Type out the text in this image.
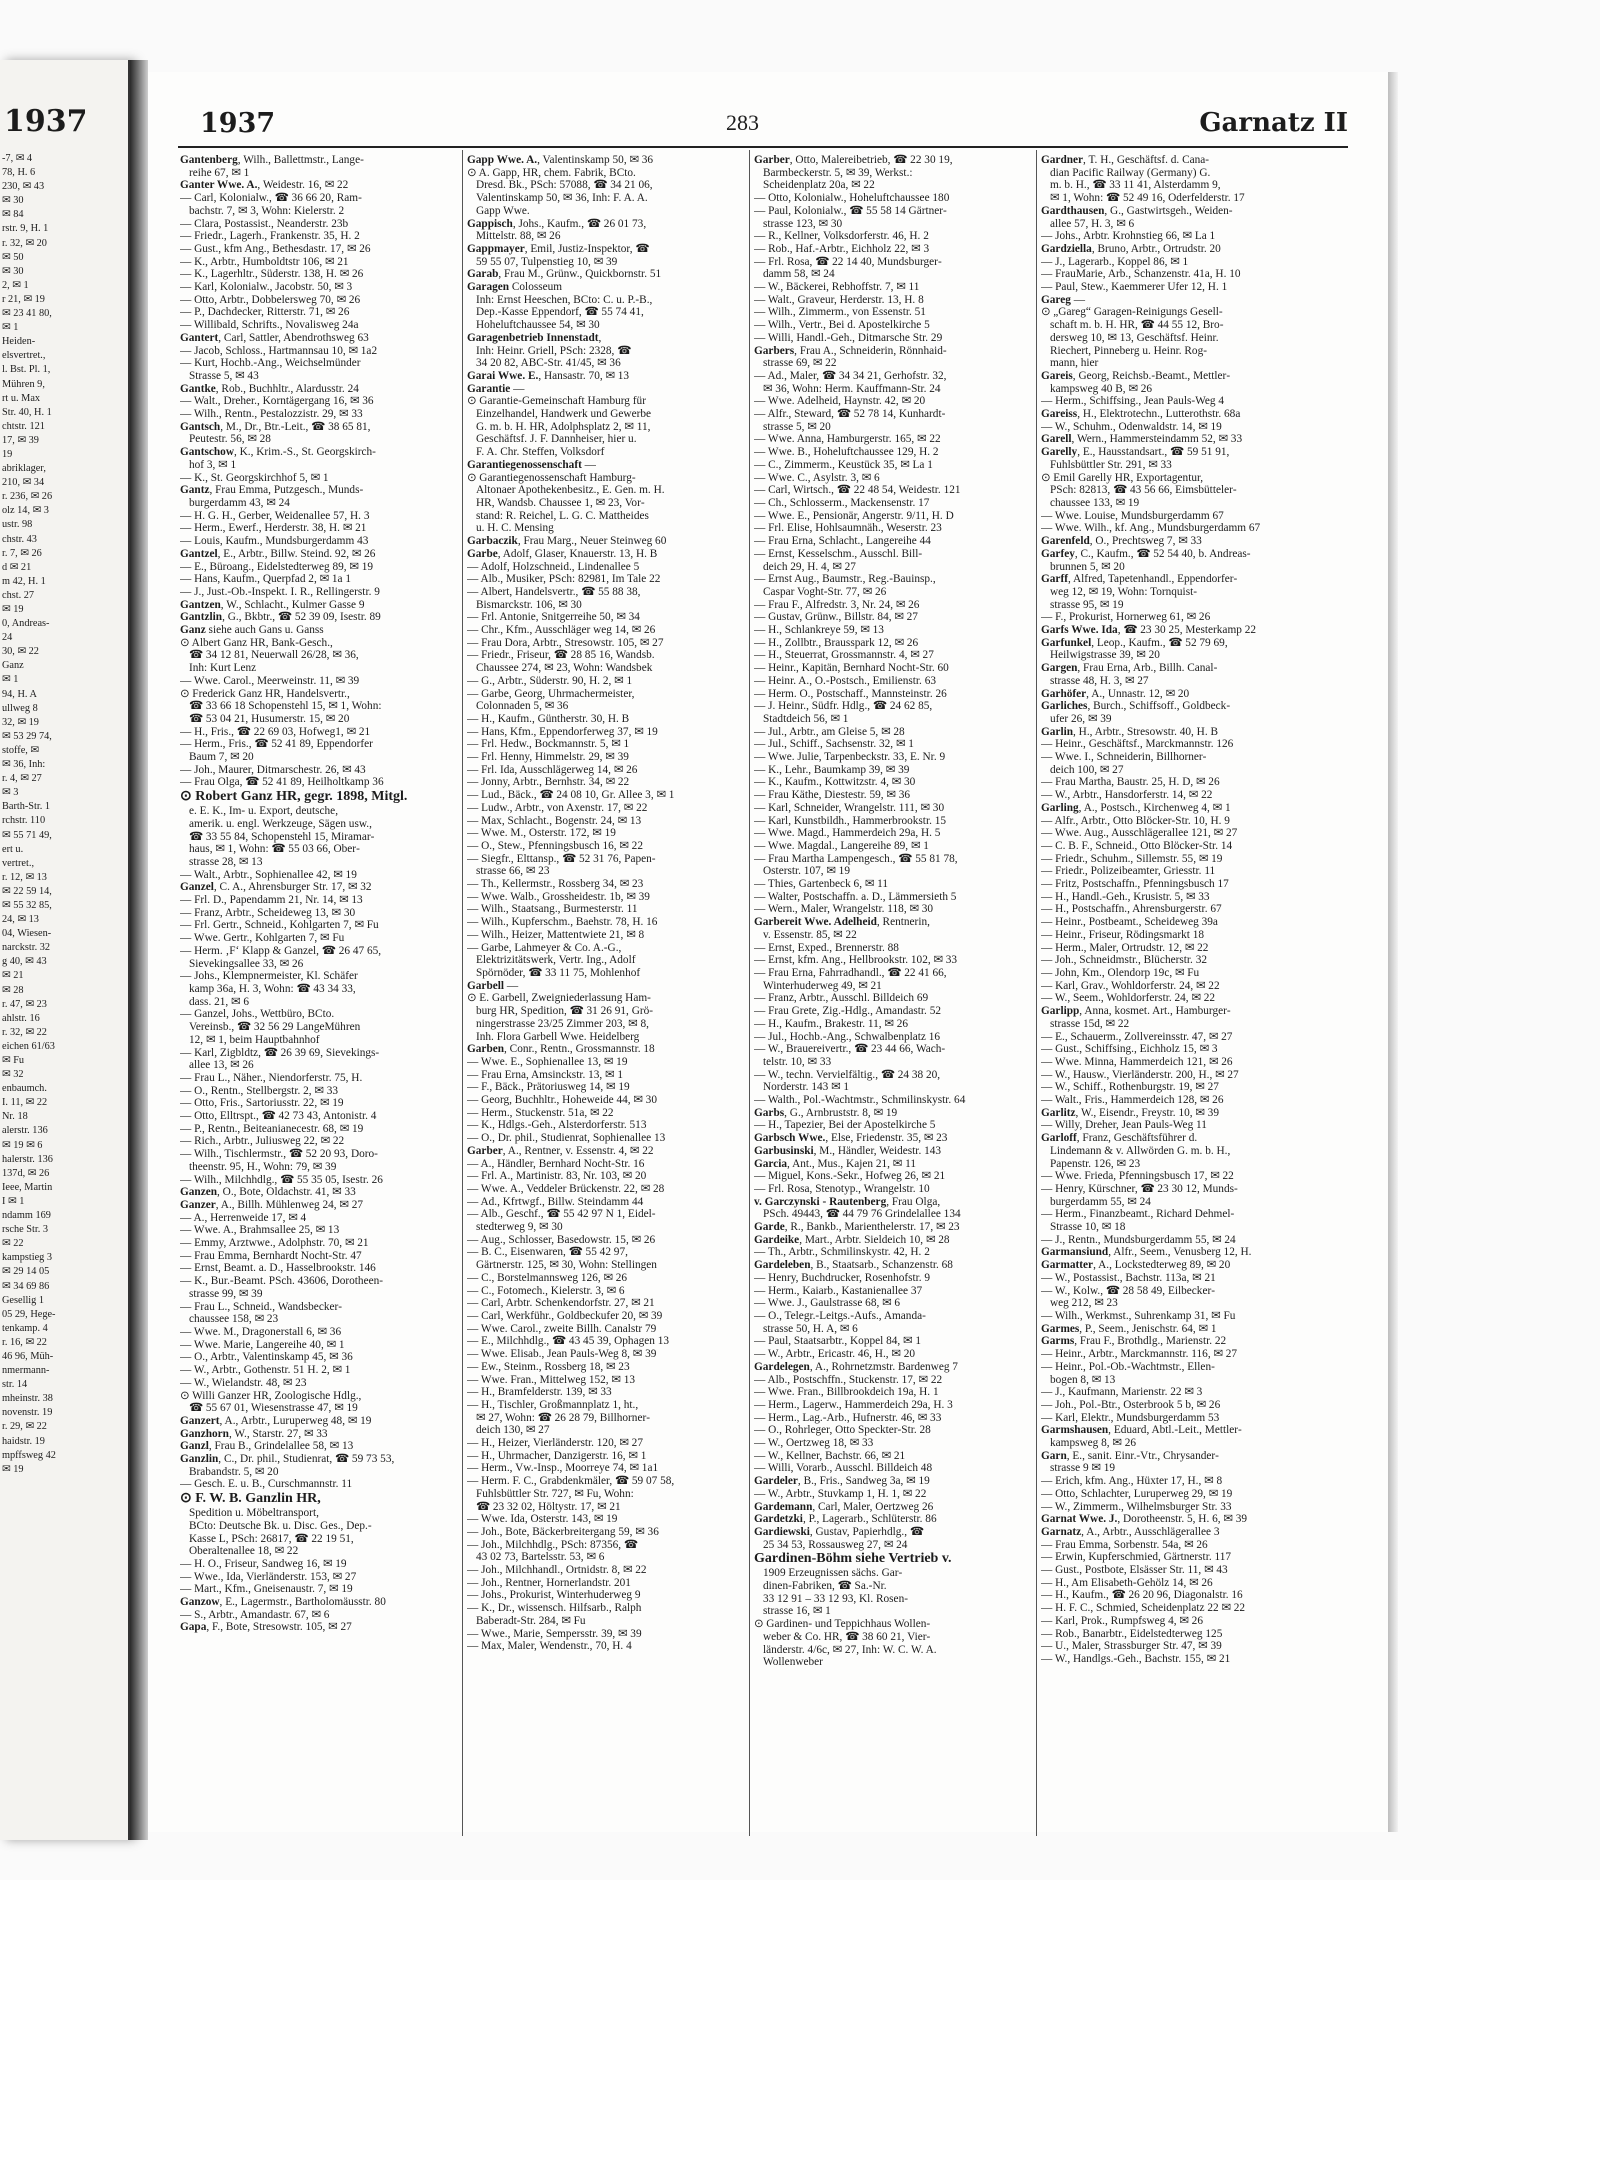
1937
‑7, ✉ 4
78, H. 6
230, ✉ 43
✉ 30
✉ 84
rstr. 9, H. 1
r. 32, ✉ 20
✉ 50
✉ 30
2, ✉ 1
r 21, ✉ 19
✉ 23 41 80,
✉ 1
Heiden‑
elsvertret.,
l. Bst. Pl. 1,
Mühren 9,
rt u. Max
Str. 40, H. 1
chtstr. 121
17, ✉ 39
19
abriklager,
210, ✉ 34
r. 236, ✉ 26
olz 14, ✉ 3
ustr. 98
chstr. 43
r. 7, ✉ 26
d ✉ 21
m 42, H. 1
chst. 27
✉ 19
0, Andreas‑
24
30, ✉ 22
Ganz
✉ 1
94, H. A
ullweg 8
32, ✉ 19
✉ 53 29 74,
stoffe, ✉
✉ 36, Inh:
r. 4, ✉ 27
✉ 3
Barth‑Str. 1
rchstr. 110
✉ 55 71 49,
ert u.
vertret.,
r. 12, ✉ 13
✉ 22 59 14,
✉ 55 32 85,
24, ✉ 13
04, Wiesen‑
narckstr. 32
g 40, ✉ 43
✉ 21
✉ 28
r. 47, ✉ 23
ahlstr. 16
r. 32, ✉ 22
eichen 61/63
✉ Fu
✉ 32
enbaumch.
I. 11, ✉ 22
Nr. 18
alerstr. 136
✉ 19 ✉ 6
halerstr. 136
137d, ✉ 26
Ieee, Martin
I ✉ 1
ndamm 169
rsche Str. 3
✉ 22
kampstieg 3
✉ 29 14 05
✉ 34 69 86
Gesellig 1
05 29, Hege‑
tenkamp. 4
r. 16, ✉ 22
46 96, Müh‑
nmermann‑
str. 14
mheinstr. 38
novenstr. 19
r. 29, ✉ 22
haidstr. 19
mpffsweg 42
✉ 19
1937	283	Garnatz II
Gantenberg, Wilh., Ballettmstr., Lange‑
reihe 67, ✉ 1
Ganter Wwe. A., Weidestr. 16, ✉ 22
— Carl, Kolonialw., ☎ 36 66 20, Ram‑
bachstr. 7, ✉ 3, Wohn: Kielerstr. 2
— Clara, Postassist., Neanderstr. 23b
— Friedr., Lagerh., Frankenstr. 35, H. 2
— Gust., kfm Ang., Bethesdastr. 17, ✉ 26
— K., Arbtr., Humboldtstr 106, ✉ 21
— K., Lagerhltr., Süderstr. 138, H. ✉ 26
— Karl, Kolonialw., Jacobstr. 50, ✉ 3
— Otto, Arbtr., Dobbelersweg 70, ✉ 26
— P., Dachdecker, Ritterstr. 71, ✉ 26
— Willibald, Schrifts., Novalisweg 24a
Gantert, Carl, Sattler, Abendrothsweg 63
— Jacob, Schloss., Hartmannsau 10, ✉ 1a2
— Kurt, Hochb.‑Ang., Weichselmünder
Strasse 5, ✉ 43
Gantke, Rob., Buchhltr., Alardusstr. 24
— Walt., Dreher., Korntägergang 16, ✉ 36
— Wilh., Rentn., Pestalozzistr. 29, ✉ 33
Gantsch, M., Dr., Btr.‑Leit., ☎ 38 65 81,
Peutestr. 56, ✉ 28
Gantschow, K., Krim.‑S., St. Georgskirch‑
hof 3, ✉ 1
— K., St. Georgskirchhof 5, ✉ 1
Gantz, Frau Emma, Putzgesch., Munds‑
burgerdamm 43, ✉ 24
— H. G. H., Gerber, Weidenallee 57, H. 3
— Herm., Ewerf., Herderstr. 38, H. ✉ 21
— Louis, Kaufm., Mundsburgerdamm 43
Gantzel, E., Arbtr., Billw. Steind. 92, ✉ 26
— E., Büroang., Eidelstedterweg 89, ✉ 19
— Hans, Kaufm., Querpfad 2, ✉ 1a 1
— J., Just.‑Ob.‑Inspekt. I. R., Rellingerstr. 9
Gantzen, W., Schlacht., Kulmer Gasse 9
Gantzlin, G., Bkbtr., ☎ 52 39 09, Isestr. 89
Ganz siehe auch Gans u. Ganss
⊙ Albert Ganz HR, Bank‑Gesch.,
☎ 34 12 81, Neuerwall 26/28, ✉ 36,
Inh: Kurt Lenz
— Wwe. Carol., Meerweinstr. 11, ✉ 39
⊙ Frederick Ganz HR, Handelsvertr.,
☎ 33 66 18 Schopenstehl 15, ✉ 1, Wohn:
☎ 53 04 21, Husumerstr. 15, ✉ 20
— H., Fris., ☎ 22 69 03, Hofweg1, ✉ 21
— Herm., Fris., ☎ 52 41 89, Eppendorfer
Baum 7, ✉ 20
— Joh., Maurer, Ditmarschestr. 26, ✉ 43
— Frau Olga, ☎ 52 41 89, Heilholtkamp 36
⊙ Robert Ganz HR, gegr. 1898, Mitgl.
e. E. K., Im‑ u. Export, deutsche,
amerik. u. engl. Werkzeuge, Sägen usw.,
☎ 33 55 84, Schopenstehl 15, Miramar‑
haus, ✉ 1, Wohn: ☎ 55 03 66, Ober‑
strasse 28, ✉ 13
— Walt., Arbtr., Sophienallee 42, ✉ 19
Ganzel, C. A., Ahrensburger Str. 17, ✉ 32
— Frl. D., Papendamm 21, Nr. 14, ✉ 13
— Franz, Arbtr., Scheideweg 13, ✉ 30
— Frl. Gertr., Schneid., Kohlgarten 7, ✉ Fu
— Wwe. Gertr., Kohlgarten 7, ✉ Fu
— Herm. ‚F‘ Klapp & Ganzel, ☎ 26 47 65,
Sievekingsallee 33, ✉ 26
— Johs., Klempnermeister, Kl. Schäfer
kamp 36a, H. 3, Wohn: ☎ 43 34 33,
dass. 21, ✉ 6
— Ganzel, Johs., Wettbüro, BCto.
Vereinsb., ☎ 32 56 29 LangeMühren
12, ✉ 1, beim Hauptbahnhof
— Karl, Zigbldtz, ☎ 26 39 69, Sievekings‑
allee 13, ✉ 26
— Frau L., Näher., Niendorferstr. 75, H.
— O., Rentn., Stellbergstr. 2, ✉ 33
— Otto, Fris., Sartoriusstr. 22, ✉ 19
— Otto, Elltrspt., ☎ 42 73 43, Antonistr. 4
— P., Rentn., Beiteanianecestr. 68, ✉ 19
— Rich., Arbtr., Juliusweg 22, ✉ 22
— Wilh., Tischlermstr., ☎ 52 20 93, Doro‑
theenstr. 95, H., Wohn: 79, ✉ 39
— Wilh., Milchhdlg., ☎ 55 35 05, Isestr. 26
Ganzen, O., Bote, Oldachstr. 41, ✉ 33
Ganzer, A., Billh. Mühlenweg 24, ✉ 27
— A., Herrenweide 17, ✉ 4
— Wwe. A., Brahmsallee 25, ✉ 13
— Emmy, Arztwwe., Adolphstr. 70, ✉ 21
— Frau Emma, Bernhardt Nocht‑Str. 47
— Ernst, Beamt. a. D., Hasselbrookstr. 146
— K., Bur.‑Beamt. PSch. 43606, Dorotheen‑
strasse 99, ✉ 39
— Frau L., Schneid., Wandsbecker‑
chaussee 158, ✉ 23
— Wwe. M., Dragonerstall 6, ✉ 36
— Wwe. Marie, Langereihe 40, ✉ 1
— O., Arbtr., Valentinskamp 45, ✉ 36
— W., Arbtr., Gothenstr. 51 H. 2, ✉ 1
— W., Wielandstr. 48, ✉ 23
⊙ Willi Ganzer HR, Zoologische Hdlg.,
☎ 55 67 01, Wiesenstrasse 47, ✉ 19
Ganzert, A., Arbtr., Luruperweg 48, ✉ 19
Ganzhorn, W., Starstr. 27, ✉ 33
Ganzl, Frau B., Grindelallee 58, ✉ 13
Ganzlin, C., Dr. phil., Studienrat, ☎ 59 73 53,
Brabandstr. 5, ✉ 20
— Gesch. E. u. B., Curschmannstr. 11
⊙ F. W. B. Ganzlin HR,
Spedition u. Möbeltransport,
BCto: Deutsche Bk. u. Disc. Ges., Dep.‑
Kasse L, PSch: 26817, ☎ 22 19 51,
Oberaltenallee 18, ✉ 22
— H. O., Friseur, Sandweg 16, ✉ 19
— Wwe., Ida, Vierländerstr. 153, ✉ 27
— Mart., Kfm., Gneisenaustr. 7, ✉ 19
Ganzow, E., Lagermstr., Bartholomäusstr. 80
— S., Arbtr., Amandastr. 67, ✉ 6
Gapa, F., Bote, Stresowstr. 105, ✉ 27
Gapp Wwe. A., Valentinskamp 50, ✉ 36
⊙ A. Gapp, HR, chem. Fabrik, BCto.
Dresd. Bk., PSch: 57088, ☎ 34 21 06,
Valentinskamp 50, ✉ 36, Inh: F. A. A.
Gapp Wwe.
Gappisch, Johs., Kaufm., ☎ 26 01 73,
Mittelstr. 88, ✉ 26
Gappmayer, Emil, Justiz‑Inspektor, ☎
59 55 07, Tulpenstieg 10, ✉ 39
Garab, Frau M., Grünw., Quickbornstr. 51
Garagen Colosseum
Inh: Ernst Heeschen, BCto: C. u. P.‑B.,
Dep.‑Kasse Eppendorf, ☎ 55 74 41,
Hoheluftchaussee 54, ✉ 30
Garagenbetrieb Innenstadt,
Inh: Heinr. Griell, PSch: 2328, ☎
34 20 82, ABC‑Str. 41/45, ✉ 36
Garai Wwe. E., Hansastr. 70, ✉ 13
Garantie —
⊙ Garantie‑Gemeinschaft Hamburg für
Einzelhandel, Handwerk und Gewerbe
G. m. b. H. HR, Adolphsplatz 2, ✉ 11,
Geschäftsf. J. F. Dannheiser, hier u.
F. A. Chr. Steffen, Volksdorf
Garantiegenossenschaft —
⊙ Garantiegenossenschaft Hamburg‑
Altonaer Apothekenbesitz., E. Gen. m. H.
HR, Wandsb. Chaussee 1, ✉ 23, Vor‑
stand: R. Reichel, L. G. C. Mattheides
u. H. C. Mensing
Garbaczik, Frau Marg., Neuer Steinweg 60
Garbe, Adolf, Glaser, Knauerstr. 13, H. B
— Adolf, Holzschneid., Lindenallee 5
— Alb., Musiker, PSch: 82981, Im Tale 22
— Albert, Handelsvertr., ☎ 55 88 38,
Bismarckstr. 106, ✉ 30
— Frl. Antonie, Snitgerreihe 50, ✉ 34
— Chr., Kfm., Ausschläger weg 14, ✉ 26
— Frau Dora, Arbtr., Stresowstr. 105, ✉ 27
— Friedr., Friseur, ☎ 28 85 16, Wandsb.
Chaussee 274, ✉ 23, Wohn: Wandsbek
— G., Arbtr., Süderstr. 90, H. 2, ✉ 1
— Garbe, Georg, Uhrmachermeister,
Colonnaden 5, ✉ 36
— H., Kaufm., Güntherstr. 30, H. B
— Hans, Kfm., Eppendorferweg 37, ✉ 19
— Frl. Hedw., Bockmannstr. 5, ✉ 1
— Frl. Henny, Himmelstr. 29, ✉ 39
— Frl. Ida, Ausschlägerweg 14, ✉ 26
— Jonny, Arbtr., Bernhstr. 34, ✉ 22
— Lud., Bäck., ☎ 24 08 10, Gr. Allee 3, ✉ 1
— Ludw., Arbtr., von Axenstr. 17, ✉ 22
— Max, Schlacht., Bogenstr. 24, ✉ 13
— Wwe. M., Osterstr. 172, ✉ 19
— O., Stew., Pfenningsbusch 16, ✉ 22
— Siegfr., Elttansp., ☎ 52 31 76, Papen‑
strasse 66, ✉ 23
— Th., Kellermstr., Rossberg 34, ✉ 23
— Wwe. Walb., Grossheidestr. 1b, ✉ 39
— Wilh., Staatsang., Burmesterstr. 11
— Wilh., Kupferschm., Baehstr. 78, H. 16
— Wilh., Heizer, Mattentwiete 21, ✉ 8
— Garbe, Lahmeyer & Co. A.‑G.,
Elektrizitätswerk, Vertr. Ing., Adolf
Spörnöder, ☎ 33 11 75, Mohlenhof
Garbell —
⊙ E. Garbell, Zweigniederlassung Ham‑
burg HR, Spedition, ☎ 31 26 91, Grö‑
ningerstrasse 23/25 Zimmer 203, ✉ 8,
Inh. Flora Garbell Wwe. Heidelberg
Garben, Conr., Rentn., Grossmannstr. 18
— Wwe. E., Sophienallee 13, ✉ 19
— Frau Erna, Amsinckstr. 13, ✉ 1
— F., Bäck., Prätoriusweg 14, ✉ 19
— Georg, Buchhltr., Hoheweide 44, ✉ 30
— Herm., Stuckenstr. 51a, ✉ 22
— K., Hdlgs.‑Geh., Alsterdorferstr. 513
— O., Dr. phil., Studienrat, Sophienallee 13
Garber, A., Rentner, v. Essenstr. 4, ✉ 22
— A., Händler, Bernhard Nocht‑Str. 16
— Frl. A., Martinistr. 83, Nr. 103, ✉ 20
— Wwe. A., Veddeler Brückenstr. 22, ✉ 28
— Ad., Kfrtwgf., Billw. Steindamm 44
— Alb., Geschf., ☎ 55 42 97 N 1, Eidel‑
stedterweg 9, ✉ 30
— Aug., Schlosser, Basedowstr. 15, ✉ 26
— B. C., Eisenwaren, ☎ 55 42 97,
Gärtnerstr. 125, ✉ 30, Wohn: Stellingen
— C., Borstelmannsweg 126, ✉ 26
— C., Fotomech., Kielerstr. 3, ✉ 6
— Carl, Arbtr. Schenkendorfstr. 27, ✉ 21
— Carl, Werkführ., Goldbeckufer 20, ✉ 39
— Wwe. Carol., zweite Billh. Canalstr 79
— E., Milchhdlg., ☎ 43 45 39, Ophagen 13
— Wwe. Elisab., Jean Pauls‑Weg 8, ✉ 39
— Ew., Steinm., Rossberg 18, ✉ 23
— Wwe. Fran., Mittelweg 152, ✉ 13
— H., Bramfelderstr. 139, ✉ 33
— H., Tischler, Großmannplatz 1, ht.,
✉ 27, Wohn: ☎ 26 28 79, Billhorner‑
deich 130, ✉ 27
— H., Heizer, Vierländerstr. 120, ✉ 27
— H., Uhrmacher, Danzigerstr. 16, ✉ 1
— Herm., Vw.‑Insp., Moorreye 74, ✉ 1a1
— Herm. F. C., Grabdenkmäler, ☎ 59 07 58,
Fuhlsbüttler Str. 727, ✉ Fu, Wohn:
☎ 23 32 02, Höltystr. 17, ✉ 21
— Wwe. Ida, Osterstr. 143, ✉ 19
— Joh., Bote, Bäckerbreitergang 59, ✉ 36
— Joh., Milchhdlg., PSch: 87356, ☎
43 02 73, Bartelsstr. 53, ✉ 6
— Joh., Milchhandl., Ortnidstr. 8, ✉ 22
— Joh., Rentner, Hornerlandstr. 201
— Johs., Prokurist, Winterhuderweg 9
— K., Dr., wissensch. Hilfsarb., Ralph
Baberadt‑Str. 284, ✉ Fu
— Wwe., Marie, Sempersstr. 39, ✉ 39
— Max, Maler, Wendenstr., 70, H. 4
Garber, Otto, Malereibetrieb, ☎ 22 30 19,
Barmbeckerstr. 5, ✉ 39, Werkst.:
Scheidenplatz 20a, ✉ 22
— Otto, Kolonialw., Hoheluftchaussee 180
— Paul, Kolonialw., ☎ 55 58 14 Gärtner‑
strasse 123, ✉ 30
— R., Kellner, Volksdorferstr. 46, H. 2
— Rob., Haf.‑Arbtr., Eichholz 22, ✉ 3
— Frl. Rosa, ☎ 22 14 40, Mundsburger‑
damm 58, ✉ 24
— W., Bäckerei, Rebhoffstr. 7, ✉ 11
— Walt., Graveur, Herderstr. 13, H. 8
— Wilh., Zimmerm., von Essenstr. 51
— Wilh., Vertr., Bei d. Apostelkirche 5
— Willi, Handl.‑Geh., Ditmarsche Str. 29
Garbers, Frau A., Schneiderin, Rönnhaid‑
strasse 69, ✉ 22
— Ad., Maler, ☎ 34 34 21, Gerhofstr. 32,
✉ 36, Wohn: Herm. Kauffmann‑Str. 24
— Wwe. Adelheid, Haynstr. 42, ✉ 20
— Alfr., Steward, ☎ 52 78 14, Kunhardt‑
strasse 5, ✉ 20
— Wwe. Anna, Hamburgerstr. 165, ✉ 22
— Wwe. B., Hoheluftchaussee 129, H. 2
— C., Zimmerm., Keustück 35, ✉ La 1
— Wwe. C., Asylstr. 3, ✉ 6
— Carl, Wirtsch., ☎ 22 48 54, Weidestr. 121
— Ch., Schlosserm., Mackensenstr. 17
— Wwe. E., Pensionär, Angerstr. 9/11, H. D
— Frl. Elise, Hohlsaumnäh., Weserstr. 23
— Frau Erna, Schlacht., Langereihe 44
— Ernst, Kesselschm., Ausschl. Bill‑
deich 29, H. 4, ✉ 27
— Ernst Aug., Baumstr., Reg.‑Bauinsp.,
Caspar Voght‑Str. 77, ✉ 26
— Frau F., Alfredstr. 3, Nr. 24, ✉ 26
— Gustav, Grünw., Billstr. 84, ✉ 27
— H., Schlankreye 59, ✉ 13
— H., Zollbtr., Brausspark 12, ✉ 26
— H., Steuerrat, Grossmannstr. 4, ✉ 27
— Heinr., Kapitän, Bernhard Nocht‑Str. 60
— Heinr. A., O.‑Postsch., Emilienstr. 63
— Herm. O., Postschaff., Mannsteinstr. 26
— J. Heinr., Südfr. Hdlg., ☎ 24 62 85,
Stadtdeich 56, ✉ 1
— Jul., Arbtr., am Gleise 5, ✉ 28
— Jul., Schiff., Sachsenstr. 32, ✉ 1
— Wwe. Julie, Tarpenbeckstr. 33, E. Nr. 9
— K., Lehr., Baumkamp 39, ✉ 39
— K., Kaufm., Kottwitzstr. 4, ✉ 30
— Frau Käthe, Diestestr. 59, ✉ 36
— Karl, Schneider, Wrangelstr. 111, ✉ 30
— Karl, Kunstbildh., Hammerbrookstr. 15
— Wwe. Magd., Hammerdeich 29a, H. 5
— Wwe. Magdal., Langereihe 89, ✉ 1
— Frau Martha Lampengesch., ☎ 55 81 78,
Osterstr. 107, ✉ 19
— Thies, Gartenbeck 6, ✉ 11
— Walter, Postschaffn. a. D., Lämmersieth 5
— Wern., Maler, Wrangelstr. 118, ✉ 30
Garbereit Wwe. Adelheid, Rentnerin,
v. Essenstr. 85, ✉ 22
— Ernst, Exped., Brennerstr. 88
— Ernst, kfm. Ang., Hellbrookstr. 102, ✉ 33
— Frau Erna, Fahrradhandl., ☎ 22 41 66,
Winterhuderweg 49, ✉ 21
— Franz, Arbtr., Ausschl. Billdeich 69
— Frau Grete, Zig.‑Hdlg., Amandastr. 52
— H., Kaufm., Brakestr. 11, ✉ 26
— Jul., Hochb.‑Ang., Schwalbenplatz 16
— W., Brauereivertr., ☎ 23 44 66, Wach‑
telstr. 10, ✉ 33
— W., techn. Vervielfältig., ☎ 24 38 20,
Norderstr. 143 ✉ 1
— Walth., Pol.‑Wachtmstr., Schmilinskystr. 64
Garbs, G., Arnbruststr. 8, ✉ 19
— H., Tapezier, Bei der Apostelkirche 5
Garbsch Wwe., Else, Friedenstr. 35, ✉ 23
Garbusinski, M., Händler, Weidestr. 143
Garcia, Ant., Mus., Kajen 21, ✉ 11
— Miguel, Kons.‑Sekr., Hofweg 26, ✉ 21
— Frl. Rosa, Stenotyp., Wrangelstr. 10
v. Garczynski ‑ Rautenberg, Frau Olga,
PSch. 49443, ☎ 44 79 76 Grindelallee 134
Garde, R., Bankb., Marienthelerstr. 17, ✉ 23
Gardeike, Mart., Arbtr. Sieldeich 10, ✉ 28
— Th., Arbtr., Schmilinskystr. 42, H. 2
Gardeleben, B., Staatsarb., Schanzenstr. 68
— Henry, Buchdrucker, Rosenhofstr. 9
— Herm., Kaiarb., Kastanienallee 37
— Wwe. J., Gaulstrasse 68, ✉ 6
— O., Telegr.‑Leitgs.‑Aufs., Amanda‑
strasse 50, H. A, ✉ 6
— Paul, Staatsarbtr., Koppel 84, ✉ 1
— W., Arbtr., Ericastr. 46, H., ✉ 20
Gardelegen, A., Rohrnetzmstr. Bardenweg 7
— Alb., Postschffn., Stuckenstr. 17, ✉ 22
— Wwe. Fran., Billbrookdeich 19a, H. 1
— Herm., Lagerw., Hammerdeich 29a, H. 3
— Herm., Lag.‑Arb., Hufnerstr. 46, ✉ 33
— O., Rohrleger, Otto Speckter‑Str. 28
— W., Oertzweg 18, ✉ 33
— W., Kellner, Bachstr. 66, ✉ 21
— Willi, Vorarb., Ausschl. Billdeich 48
Gardeler, B., Fris., Sandweg 3a, ✉ 19
— W., Arbtr., Stuvkamp 1, H. 1, ✉ 22
Gardemann, Carl, Maler, Oertzweg 26
Gardetzki, P., Lagerarb., Schlüterstr. 86
Gardiewski, Gustav, Papierhdlg., ☎
25 34 53, Rossausweg 27, ✉ 24
Gardinen‑Böhm siehe Vertrieb v.
1909 Erzeugnissen sächs. Gar‑
dinen‑Fabriken, ☎ Sa.‑Nr.
33 12 91 – 33 12 93, Kl. Rosen‑
strasse 16, ✉ 1
⊙ Gardinen‑ und Teppichhaus Wollen‑
weber & Co. HR, ☎ 38 60 21, Vier‑
länderstr. 4/6c, ✉ 27, Inh: W. C. W. A.
Wollenweber
Gardner, T. H., Geschäftsf. d. Cana‑
dian Pacific Railway (Germany) G.
m. b. H., ☎ 33 11 41, Alsterdamm 9,
✉ 1, Wohn: ☎ 52 49 16, Oderfelderstr. 17
Gardthausen, G., Gastwirtsgeh., Weiden‑
allee 57, H. 3, ✉ 6
— Johs., Arbtr. Krohnstieg 66, ✉ La 1
Gardziella, Bruno, Arbtr., Ortrudstr. 20
— J., Lagerarb., Koppel 86, ✉ 1
— FrauMarie, Arb., Schanzenstr. 41a, H. 10
— Paul, Stew., Kaemmerer Ufer 12, H. 1
Gareg —
⊙ „Gareg“ Garagen‑Reinigungs Gesell‑
schaft m. b. H. HR, ☎ 44 55 12, Bro‑
dersweg 10, ✉ 13, Geschäftsf. Heinr.
Riechert, Pinneberg u. Heinr. Rog‑
mann, hier
Gareis, Georg, Reichsb.‑Beamt., Mettler‑
kampsweg 40 B, ✉ 26
— Herm., Schiffsing., Jean Pauls‑Weg 4
Gareiss, H., Elektrotechn., Lutterothstr. 68a
— W., Schuhm., Odenwaldstr. 14, ✉ 19
Garell, Wern., Hammersteindamm 52, ✉ 33
Garelly, E., Hausstandsart., ☎ 59 51 91,
Fuhlsbüttler Str. 291, ✉ 33
⊙ Emil Garelly HR, Exportagentur,
PSch: 82813, ☎ 43 56 66, Eimsbütteler‑
chaussee 133, ✉ 19
— Wwe. Louise, Mundsburgerdamm 67
— Wwe. Wilh., kf. Ang., Mundsburgerdamm 67
Garenfeld, O., Prechtsweg 7, ✉ 33
Garfey, C., Kaufm., ☎ 52 54 40, b. Andreas‑
brunnen 5, ✉ 20
Garff, Alfred, Tapetenhandl., Eppendorfer‑
weg 12, ✉ 19, Wohn: Tornquist‑
strasse 95, ✉ 19
— F., Prokurist, Hornerweg 61, ✉ 26
Garfs Wwe. Ida, ☎ 23 30 25, Mesterkamp 22
Garfunkel, Leop., Kaufm., ☎ 52 79 69,
Heilwigstrasse 39, ✉ 20
Gargen, Frau Erna, Arb., Billh. Canal‑
strasse 48, H. 3, ✉ 27
Garhöfer, A., Unnastr. 12, ✉ 20
Garliches, Burch., Schiffsoff., Goldbeck‑
ufer 26, ✉ 39
Garlin, H., Arbtr., Stresowstr. 40, H. B
— Heinr., Geschäftsf., Marckmannstr. 126
— Wwe. I., Schneiderin, Billhorner‑
deich 100, ✉ 27
— Frau Martha, Baustr. 25, H. D, ✉ 26
— W., Arbtr., Hansdorferstr. 14, ✉ 22
Garling, A., Postsch., Kirchenweg 4, ✉ 1
— Alfr., Arbtr., Otto Blöcker‑Str. 10, H. 9
— Wwe. Aug., Ausschlägerallee 121, ✉ 27
— C. B. F., Schneid., Otto Blöcker‑Str. 14
— Friedr., Schuhm., Sillemstr. 55, ✉ 19
— Friedr., Polizeibeamter, Griesstr. 11
— Fritz, Postschaffn., Pfenningsbusch 17
— H., Handl.‑Geh., Krusistr. 5, ✉ 33
— H., Postschaffn., Ahrensburgerstr. 67
— Heinr., Postbeamt., Scheideweg 39a
— Heinr., Friseur, Rödingsmarkt 18
— Herm., Maler, Ortrudstr. 12, ✉ 22
— Joh., Schneidmstr., Blücherstr. 32
— John, Km., Olendorp 19c, ✉ Fu
— Karl, Grav., Wohldorferstr. 24, ✉ 22
— W., Seem., Wohldorferstr. 24, ✉ 22
Garlipp, Anna, kosmet. Art., Hamburger‑
strasse 15d, ✉ 22
— E., Schauerm., Zollvereinsstr. 47, ✉ 27
— Gust., Schiffsing., Eichholz 15, ✉ 3
— Wwe. Minna, Hammerdeich 121, ✉ 26
— W., Hausw., Vierländerstr. 200, H., ✉ 27
— W., Schiff., Rothenburgstr. 19, ✉ 27
— Walt., Fris., Hammerdeich 128, ✉ 26
Garlitz, W., Eisendr., Freystr. 10, ✉ 39
— Willy, Dreher, Jean Pauls‑Weg 11
Garloff, Franz, Geschäftsführer d.
Lindemann & v. Allwörden G. m. b. H.,
Papenstr. 126, ✉ 23
— Wwe. Frieda, Pfenningsbusch 17, ✉ 22
— Henry, Kürschner, ☎ 23 30 12, Munds‑
burgerdamm 55, ✉ 24
— Herm., Finanzbeamt., Richard Dehmel‑
Strasse 10, ✉ 18
— J., Rentn., Mundsburgerdamm 55, ✉ 24
Garmansiund, Alfr., Seem., Venusberg 12, H.
Garmatter, A., Lockstedterweg 89, ✉ 20
— W., Postassist., Bachstr. 113a, ✉ 21
— W., Kolw., ☎ 28 58 49, Eilbecker‑
weg 212, ✉ 23
— Wilh., Werkmst., Suhrenkamp 31, ✉ Fu
Garmes, P., Seem., Jenischstr. 64, ✉ 1
Garms, Frau F., Brothdlg., Marienstr. 22
— Heinr., Arbtr., Marckmannstr. 116, ✉ 27
— Heinr., Pol.‑Ob.‑Wachtmstr., Ellen‑
bogen 8, ✉ 13
— J., Kaufmann, Marienstr. 22 ✉ 3
— Joh., Pol.‑Btr., Osterbrook 5 b, ✉ 26
— Karl, Elektr., Mundsburgerdamm 53
Garmshausen, Eduard, Abtl.‑Leit., Mettler‑
kampsweg 8, ✉ 26
Garn, E., sanit. Einr.‑Vtr., Chrysander‑
strasse 9 ✉ 19
— Erich, kfm. Ang., Hüxter 17, H., ✉ 8
— Otto, Schlachter, Luruperweg 29, ✉ 19
— W., Zimmerm., Wilhelmsburger Str. 33
Garnat Wwe. J., Dorotheenstr. 5, H. 6, ✉ 39
Garnatz, A., Arbtr., Ausschlägerallee 3
— Frau Emma, Sorbenstr. 54a, ✉ 26
— Erwin, Kupferschmied, Gärtnerstr. 117
— Gust., Postbote, Elsässer Str. 11, ✉ 43
— H., Am Elisabeth‑Gehölz 14, ✉ 26
— H., Kaufm., ☎ 26 20 96, Diagonalstr. 16
— H. F. C., Schmied, Scheidenplatz 22 ✉ 22
— Karl, Prok., Rumpfsweg 4, ✉ 26
— Rob., Banarbtr., Eidelstedterweg 125
— U., Maler, Strassburger Str. 47, ✉ 39
— W., Handlgs.‑Geh., Bachstr. 155, ✉ 21
